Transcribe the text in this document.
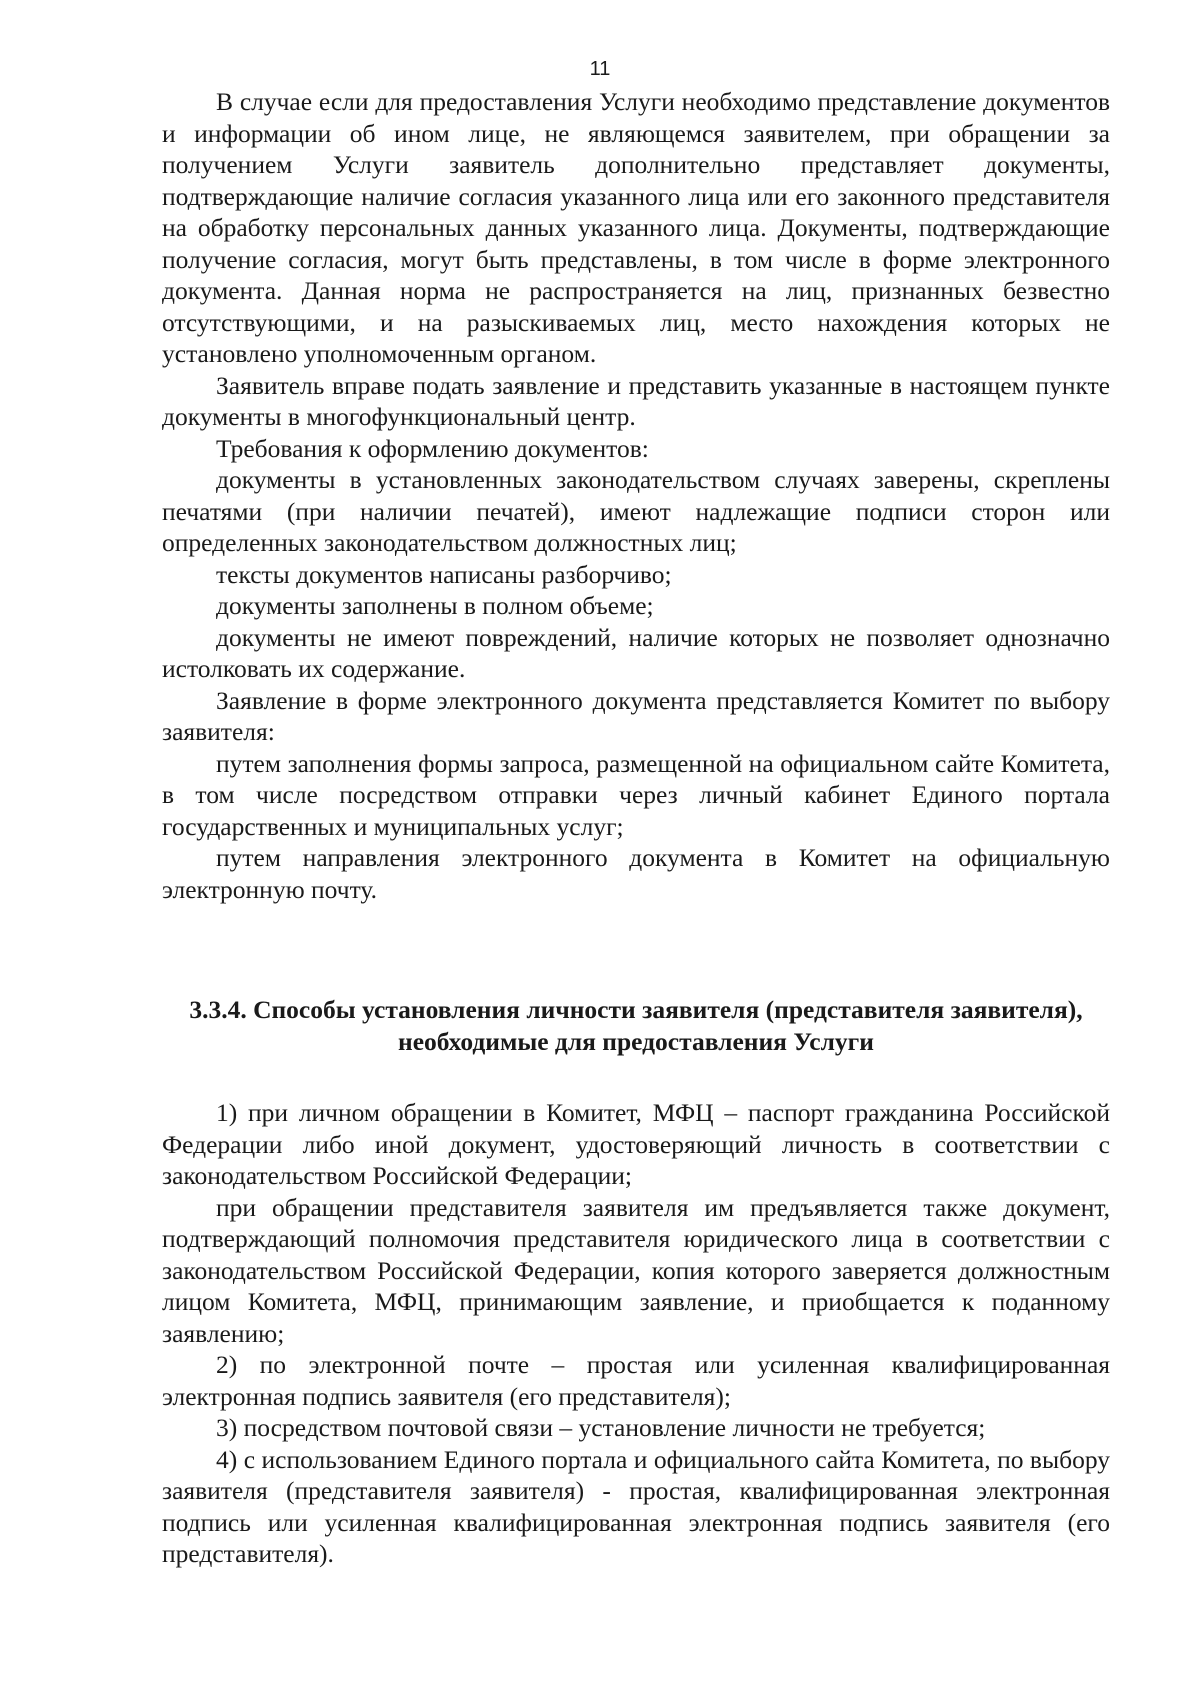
11

В случае если для предоставления Услуги необходимо представление документов и информации об ином лице, не являющемся заявителем, при обращении за получением Услуги заявитель дополнительно представляет документы, подтверждающие наличие согласия указанного лица или его законного представителя на обработку персональных данных указанного лица. Документы, подтверждающие получение согласия, могут быть представлены, в том числе в форме электронного документа. Данная норма не распространяется на лиц, признанных безвестно отсутствующими, и на разыскиваемых лиц, место нахождения которых не установлено уполномоченным органом.

Заявитель вправе подать заявление и представить указанные в настоящем пункте документы в многофункциональный центр.

Требования к оформлению документов:

документы в установленных законодательством случаях заверены, скреплены печатями (при наличии печатей), имеют надлежащие подписи сторон или определенных законодательством должностных лиц;

тексты документов написаны разборчиво;

документы заполнены в полном объеме;

документы не имеют повреждений, наличие которых не позволяет однозначно истолковать их содержание.

Заявление в форме электронного документа представляется Комитет по выбору заявителя:

путем заполнения формы запроса, размещенной на официальном сайте Комитета, в том числе посредством отправки через личный кабинет Единого портала государственных и муниципальных услуг;

путем направления электронного документа в Комитет на официальную электронную почту.

3.3.4. Способы установления личности заявителя (представителя заявителя), необходимые для предоставления Услуги

1) при личном обращении в Комитет, МФЦ – паспорт гражданина Российской Федерации либо иной документ, удостоверяющий личность в соответствии с законодательством Российской Федерации;

при обращении представителя заявителя им предъявляется также документ, подтверждающий полномочия представителя юридического лица в соответствии с законодательством Российской Федерации, копия которого заверяется должностным лицом Комитета, МФЦ, принимающим заявление, и приобщается к поданному заявлению;

2) по электронной почте – простая или усиленная квалифицированная электронная подпись заявителя (его представителя);

3) посредством почтовой связи – установление личности не требуется;

4) с использованием Единого портала и официального сайта Комитета, по выбору заявителя (представителя заявителя) - простая, квалифицированная электронная подпись или усиленная квалифицированная электронная подпись заявителя (его представителя).
